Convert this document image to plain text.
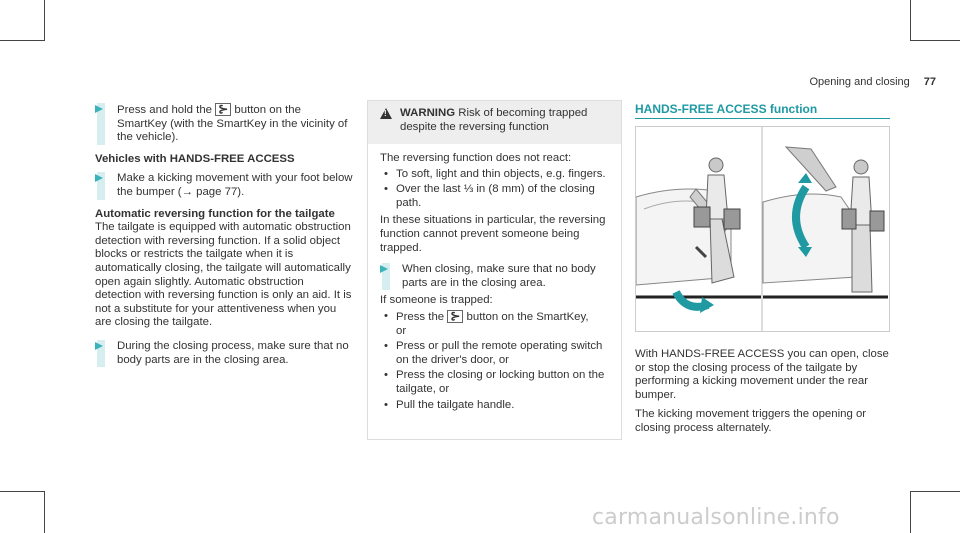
Opening and closing 77
Press and hold the ⊱ button on the SmartKey (with the SmartKey in the vicinity of the vehicle).
Vehicles with HANDS-FREE ACCESS
Make a kicking movement with your foot below the bumper (→ page 77).
Automatic reversing function for the tailgate
The tailgate is equipped with automatic obstruction detection with reversing function. If a solid object blocks or restricts the tailgate when it is automatically closing, the tailgate will automatically open again slightly. Automatic obstruction detection with reversing function is only an aid. It is not a substitute for your attentiveness when you are closing the tailgate.
During the closing process, make sure that no body parts are in the closing area.
!
WARNING Risk of becoming trapped despite the reversing function
The reversing function does not react:
• To soft, light and thin objects, e.g. fingers.
• Over the last ⅓ in (8 mm) of the closing path.
In these situations in particular, the reversing function cannot prevent someone being trapped.
When closing, make sure that no body parts are in the closing area.
If someone is trapped:
• Press the ⊱ button on the SmartKey,
or
• Press or pull the remote operating switch on the driver's door, or
• Press the closing or locking button on the tailgate, or
• Pull the tailgate handle.
HANDS-FREE ACCESS function

With HANDS-FREE ACCESS you can open, close or stop the closing process of the tailgate by performing a kicking movement under the rear bumper.

The kicking movement triggers the opening or closing process alternately.

carmanualsonline.info
